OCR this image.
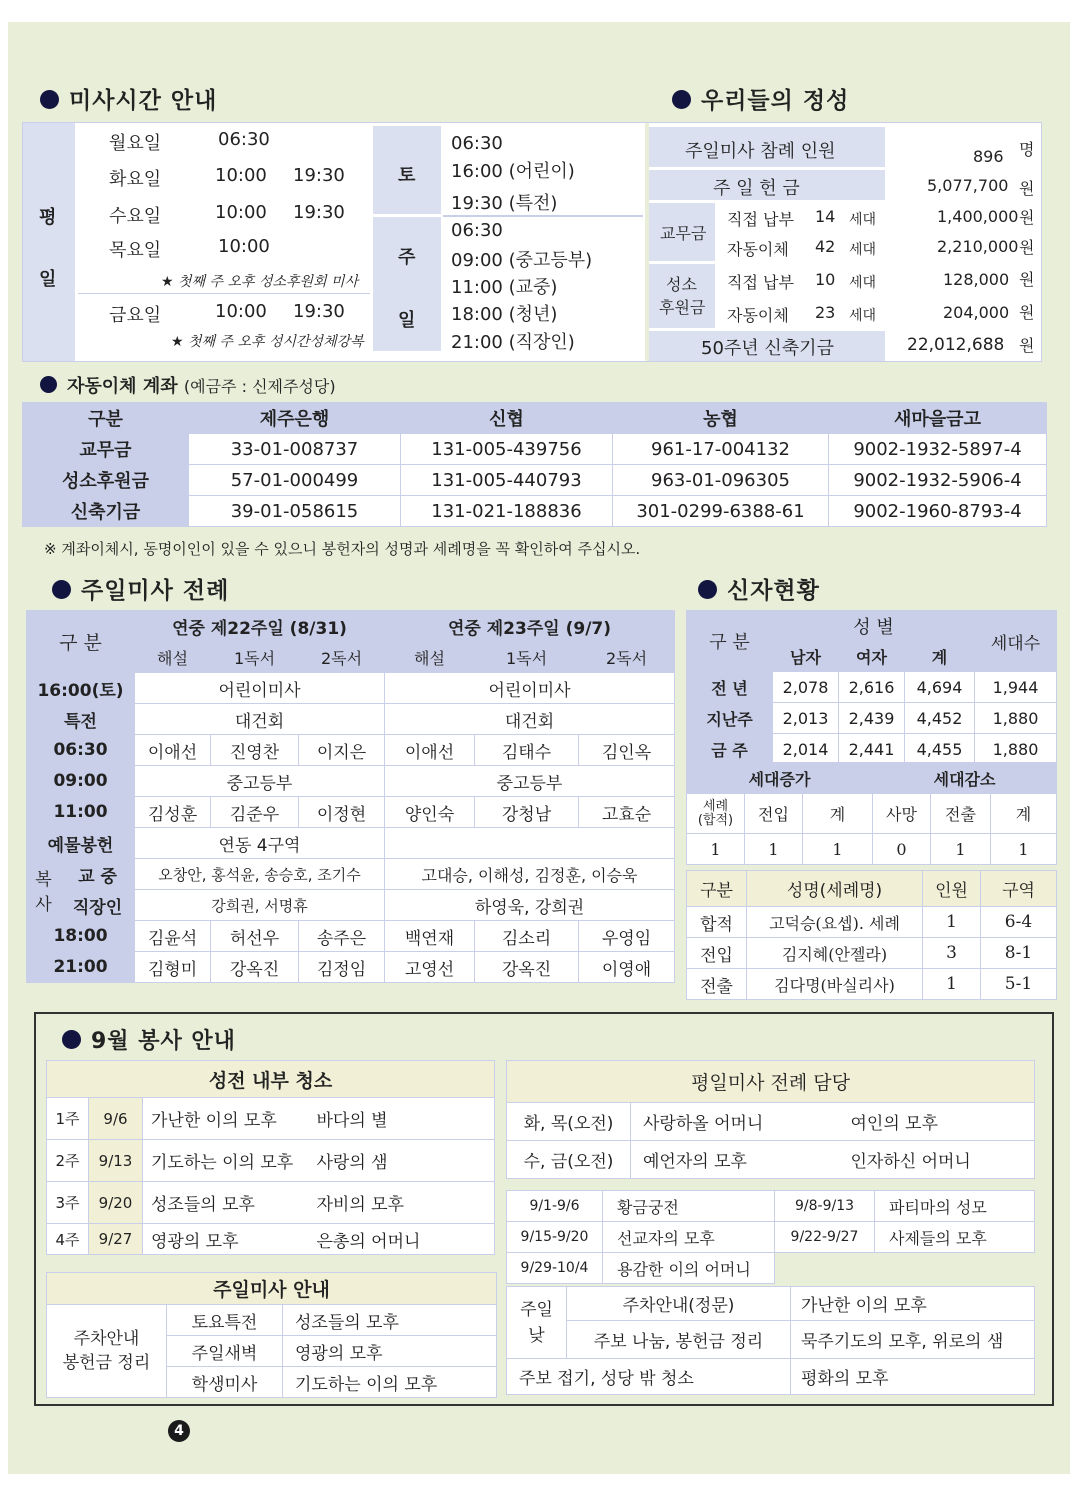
미사시간 안내
평
일
월요일	06:30
화요일	10:00 19:30
수요일	10:00 19:30
목요일	10:00
★ 첫째 주 오후 성소후원회 미사
금요일	10:00 19:30
★ 첫째 주 오후 성시간성체강복
토
주
일
06:30
16:00 (어린이)
19:30 (특전)
06:30
09:00 (중고등부)
11:00 (교중)
18:00 (청년)
21:00 (직장인)
주일미사 참례 인원	896 명
주 일 헌 금	5,077,700 원
교무금
직접 납부 14 세대	1,400,000 원
자동이체 42 세대	2,210,000 원
성소
후원금
직접 납부 10 세대	128,000 원
자동이체 23 세대	204,000 원
50주년 신축기금	22,012,688 원
우리들의 정성
자동이체 계좌 (예금주 : 신제주성당)
구분	제주은행	신협	농협	새마을금고
교무금	33-01-008737	131-005-439756	961-17-004132	9002-1932-5897-4
성소후원금	57-01-000499	131-005-440793	963-01-096305	9002-1932-5906-4
신축기금	39-01-058615	131-021-188836	301-0299-6388-61	9002-1960-8793-4
※ 계좌이체시, 동명이인이 있을 수 있으니 봉헌자의 성명과 세례명을 꼭 확인하여 주십시오.
주일미사 전례
구 분		연중 제22주일 (8/31)			연중 제23주일 (9/7)		
		해설	1독서	2독서	해설	1독서	2독서
16:00(토)		어린이미사			어린이미사		
특전		대건회			대건회		
06:30		이애선	진영찬	이지은	이애선	김태수	김인옥
09:00		중고등부			중고등부		
11:00		김성훈	김준우	이정현	양인숙	강청남	고효순
예물봉헌		연동 4구역					
복
사	교 중	오창안, 홍석윤, 송승호, 조기수			고대승, 이해성, 김정훈, 이승욱		
	직장인	강희권, 서명휴			하영욱, 강희권		
18:00		김윤석	허선우	송주은	백연재	김소리	우영임
21:00		김형미	강옥진	김정임	고영선	강옥진	이영애
신자현황
구 분	성 별			세대수
	남자	여자	계	
전 년	2,078	2,616	4,694	1,944
지난주	2,013	2,439	4,452	1,880
금 주	2,014	2,441	4,455	1,880
세대증가			세대감소		
세례
(합적)	전입	계	사망	전출	계
1	1	1	0	1	1
구분	성명(세례명)	인원	구역
합적	고덕승(요셉). 세례	1	6-4
전입	김지혜(안젤라)	3	8-1
전출	김다명(바실리사)	1	5-1
9월 봉사 안내
성전 내부 청소			
1주	9/6	가난한 이의 모후	바다의 별
2주	9/13	기도하는 이의 모후	사랑의 샘
3주	9/20	성조들의 모후	자비의 모후
4주	9/27	영광의 모후	은총의 어머니
평일미사 전례 담당		
화, 목(오전)	사랑하올 어머니	여인의 모후
수, 금(오전)	예언자의 모후	인자하신 어머니
9/1-9/6	황금궁전	9/8-9/13	파티마의 성모
9/15-9/20	선교자의 모후	9/22-9/27	사제들의 모후
9/29-10/4	용감한 이의 어머니		
주일미사 안내		
주차안내
봉헌금 정리	토요특전	성조들의 모후
	주일새벽	영광의 모후
	학생미사	기도하는 이의 모후
주일
낮	주차안내(정문)	가난한 이의 모후
	주보 나눔, 봉헌금 정리	묵주기도의 모후, 위로의 샘
주보 접기, 성당 밖 청소		평화의 모후
4
